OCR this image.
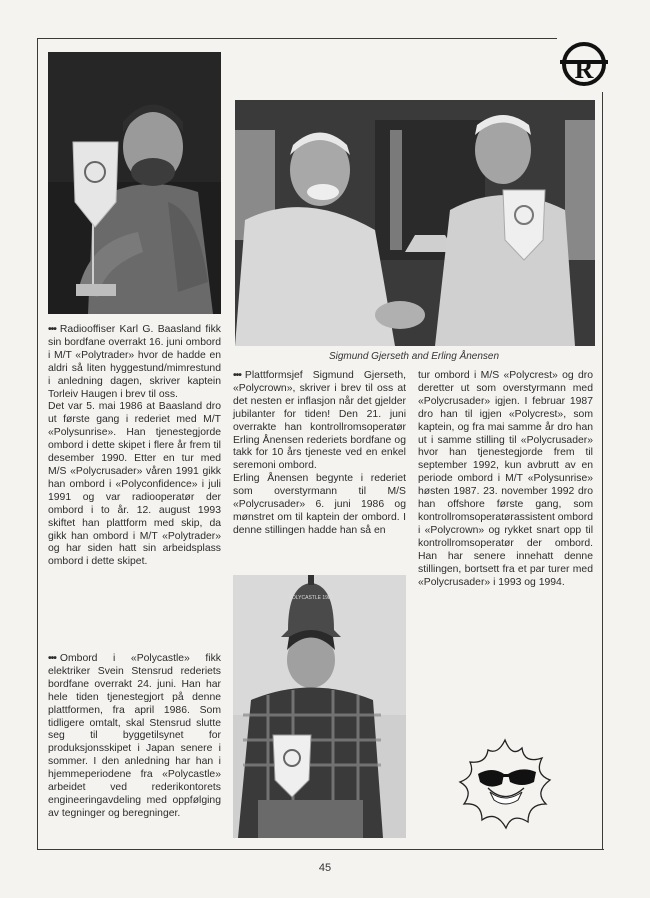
R
Sigmund Gjerseth and Erling Ånensen
POLYCASTLE 1982

••• Radiooffiser Karl G. Baasland fikk sin bordfane overrakt 16. juni ombord i M/T «Polytrader» hvor de hadde en aldri så liten hyggestund/mimrestund i anledning dagen, skriver kaptein Torleiv Haugen i brev til oss.

Det var 5. mai 1986 at Baasland dro ut første gang i rederiet med M/T «Polysunrise». Han tjenestegjorde ombord i dette skipet i flere år frem til desember 1990. Etter en tur med M/S «Polycrusader» våren 1991 gikk han ombord i «Polyconfidence» i juli 1991 og var radiooperatør der ombord i to år. 12. august 1993 skiftet han plattform med skip, da gikk han ombord i M/T «Polytrader» og har siden hatt sin arbeidsplass ombord i dette skipet.

••• Ombord i «Polycastle» fikk elektriker Svein Stensrud rederiets bordfane overrakt 24. juni. Han har hele tiden tjenestegjort på denne plattformen, fra april 1986. Som tidligere omtalt, skal Stensrud slutte seg til byggetilsynet for produksjonsskipet i Japan senere i sommer. I den anledning har han i hjemmeperiodene fra «Polycastle» arbeidet ved rederikontorets engineeringavdeling med oppfølging av tegninger og beregninger.

••• Plattformsjef Sigmund Gjerseth, «Polycrown», skriver i brev til oss at det nesten er inflasjon når det gjelder jubilanter for tiden! Den 21. juni overrakte han kontrollromsoperatør Erling Ånensen rederiets bordfane og takk for 10 års tjeneste ved en enkel seremoni ombord.

Erling Ånensen begynte i rederiet som overstyrmann til M/S «Polycrusader» 6. juni 1986 og mønstret om til kaptein der ombord. I denne stillingen hadde han så en

tur ombord i M/S «Polycrest» og dro deretter ut som overstyrmann med «Polycrusader» igjen. I februar 1987 dro han til igjen «Polycrest», som kaptein, og fra mai samme år dro han ut i samme stilling til «Polycrusader» hvor han tjenestegjorde frem til september 1992, kun avbrutt av en periode ombord i M/T «Polysunrise» høsten 1987. 23. november 1992 dro han offshore første gang, som kontrollromsoperatørassistent ombord i «Polycrown» og rykket snart opp til kontrollromsoperatør der ombord. Han har senere innehatt denne stillingen, bortsett fra et par turer med «Polycrusader» i 1993 og 1994.

45
